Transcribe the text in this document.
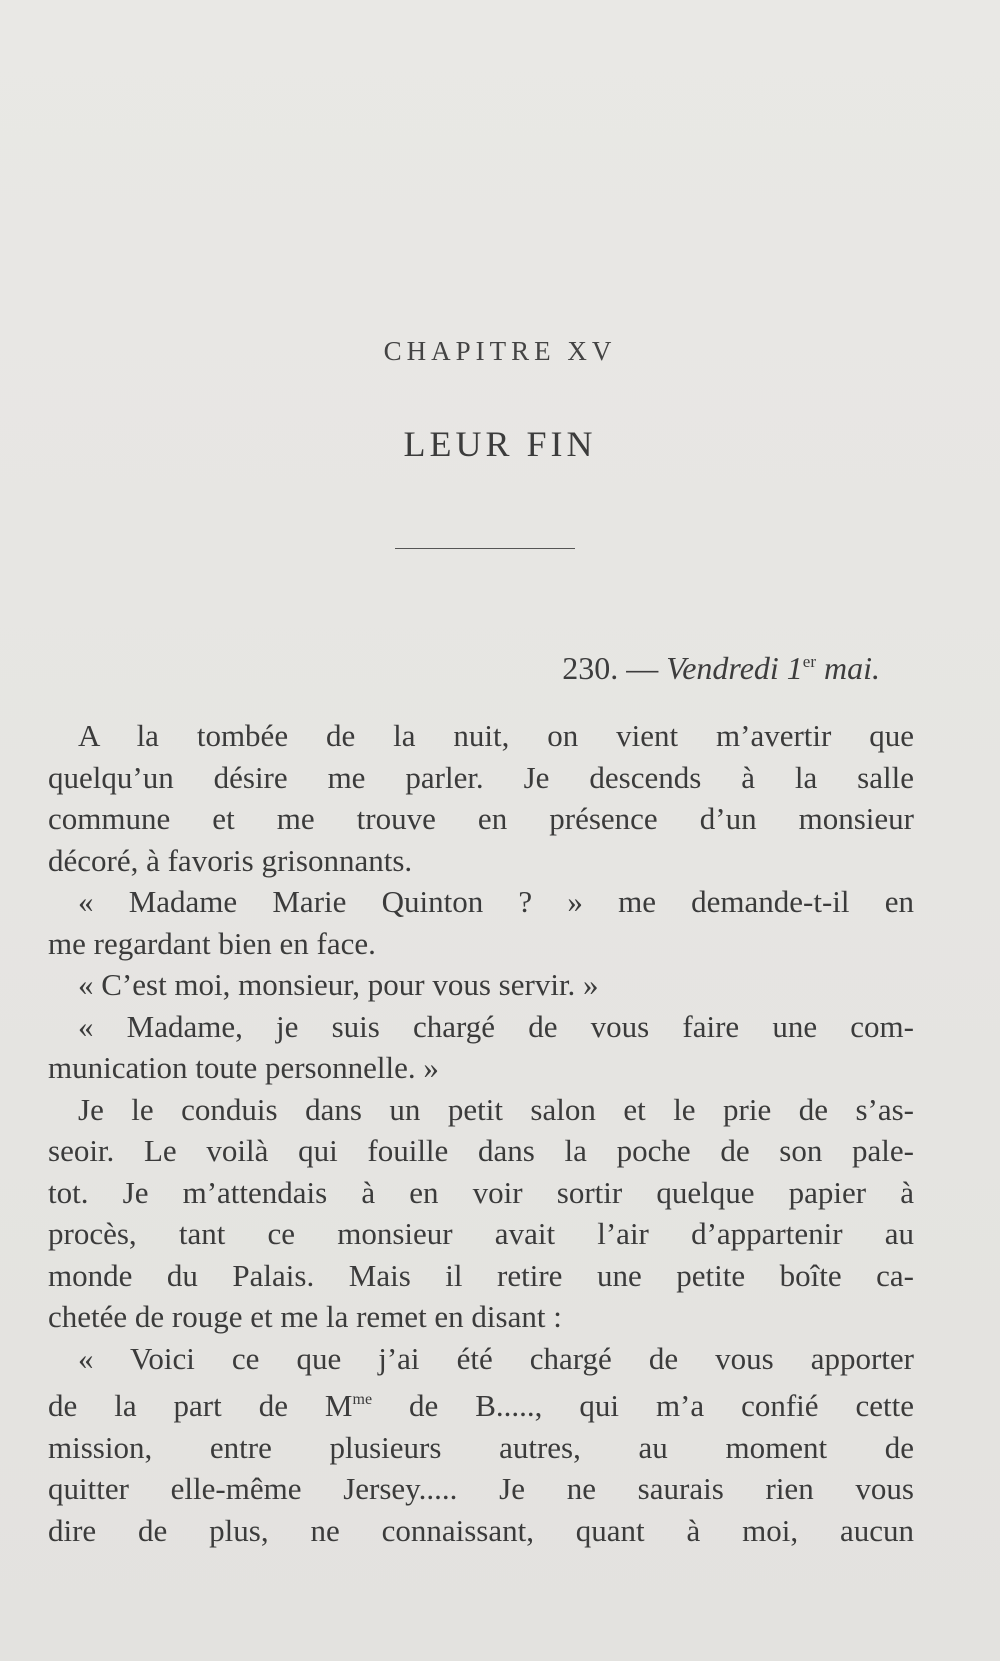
CHAPITRE XV
LEUR FIN
230. — Vendredi 1er mai.
A la tombée de la nuit, on vient m’avertir que
quelqu’un désire me parler. Je descends à la salle
commune et me trouve en présence d’un monsieur
décoré, à favoris grisonnants.
« Madame Marie Quinton ? » me demande-t-il en
me regardant bien en face.
« C’est moi, monsieur, pour vous servir. »
« Madame, je suis chargé de vous faire une com-
munication toute personnelle. »
Je le conduis dans un petit salon et le prie de s’as-
seoir. Le voilà qui fouille dans la poche de son pale-
tot. Je m’attendais à en voir sortir quelque papier à
procès, tant ce monsieur avait l’air d’appartenir au
monde du Palais. Mais il retire une petite boîte ca-
chetée de rouge et me la remet en disant :
« Voici ce que j’ai été chargé de vous apporter
de la part de $M^{me}$ de B....., qui m’a confié cette
mission, entre plusieurs autres, au moment de
quitter elle-même Jersey..... Je ne saurais rien vous
dire de plus, ne connaissant, quant à moi, aucun
